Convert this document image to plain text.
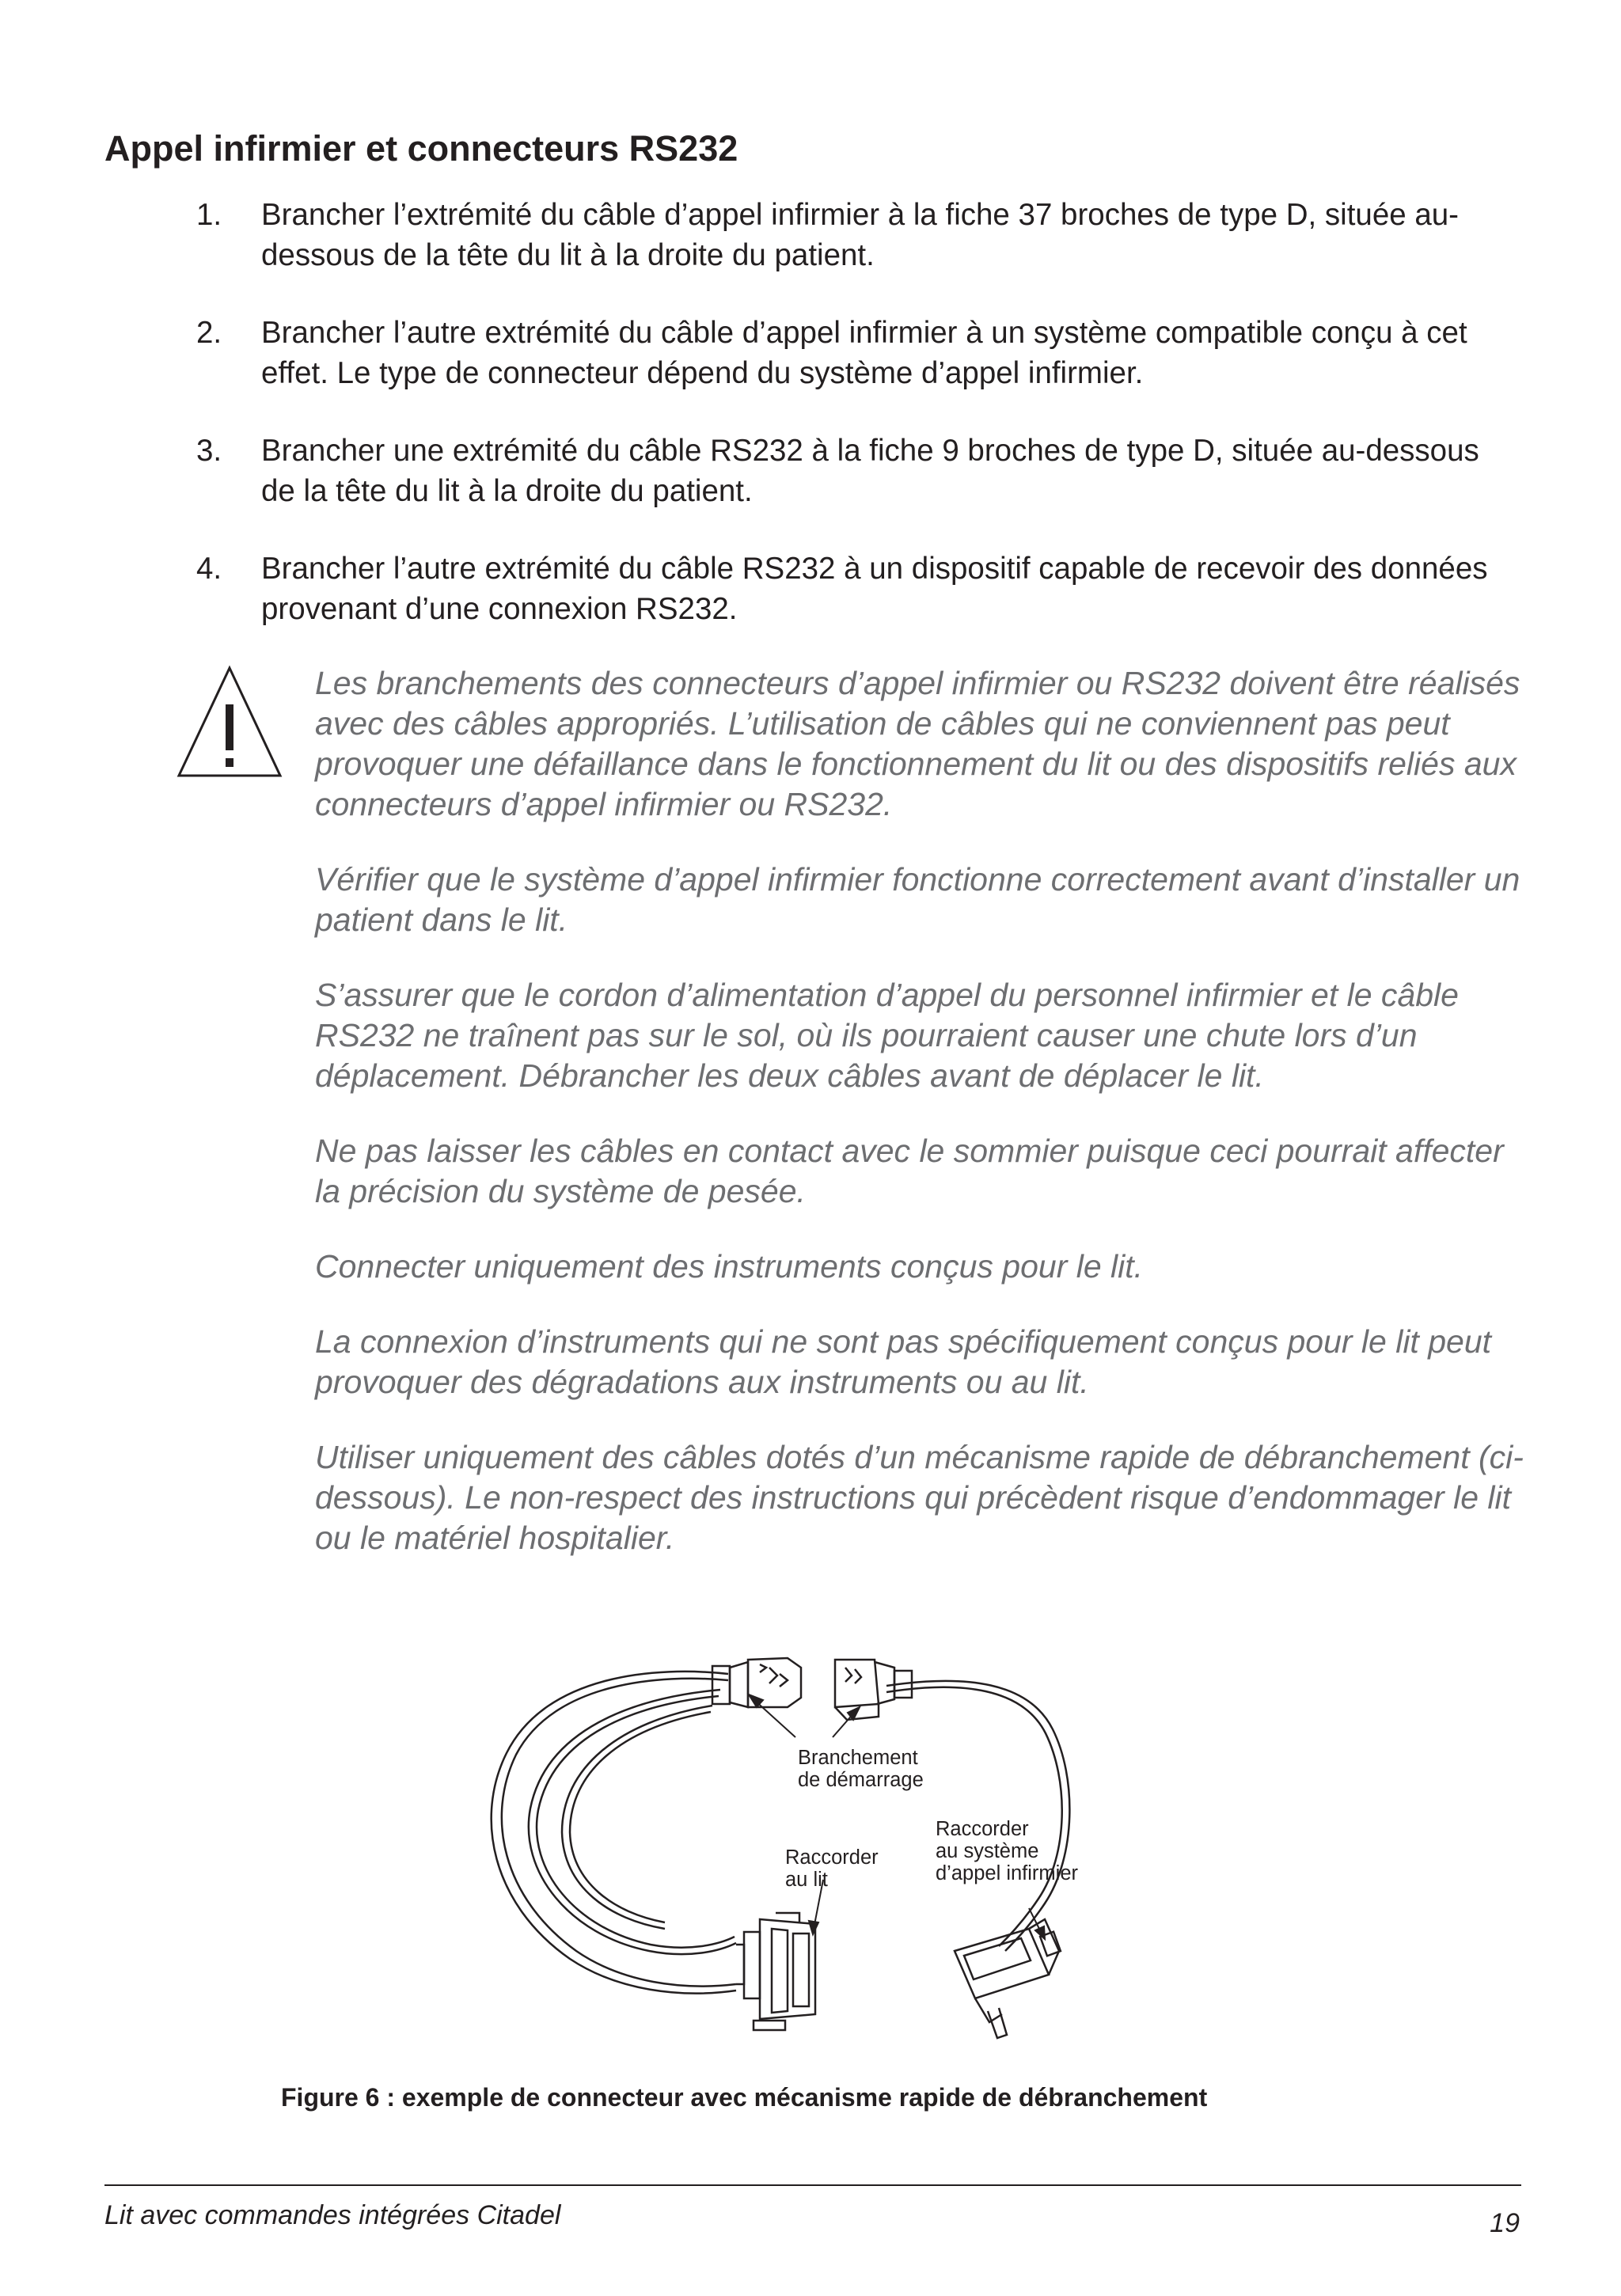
Appel infirmier et connecteurs RS232
1. Brancher l’extrémité du câble d’appel infirmier à la fiche 37 broches de type D, située au-dessous de la tête du lit à la droite du patient.
2. Brancher l’autre extrémité du câble d’appel infirmier à un système compatible conçu à cet effet. Le type de connecteur dépend du système d’appel infirmier.
3. Brancher une extrémité du câble RS232 à la fiche 9 broches de type D, située au-dessous de la tête du lit à la droite du patient.
4. Brancher l’autre extrémité du câble RS232 à un dispositif capable de recevoir des données provenant d’une connexion RS232.

Les branchements des connecteurs d’appel infirmier ou RS232 doivent être réalisés avec des câbles appropriés. L’utilisation de câbles qui ne conviennent pas peut provoquer une défaillance dans le fonctionnement du lit ou des dispositifs reliés aux connecteurs d’appel infirmier ou RS232.

Vérifier que le système d’appel infirmier fonctionne correctement avant d’installer un patient dans le lit.

S’assurer que le cordon d’alimentation d’appel du personnel infirmier et le câble RS232 ne traînent pas sur le sol, où ils pourraient causer une chute lors d’un déplacement. Débrancher les deux câbles avant de déplacer le lit.

Ne pas laisser les câbles en contact avec le sommier puisque ceci pourrait affecter la précision du système de pesée.

Connecter uniquement des instruments conçus pour le lit.

La connexion d’instruments qui ne sont pas spécifiquement conçus pour le lit peut provoquer des dégradations aux instruments ou au lit.

Utiliser uniquement des câbles dotés d’un mécanisme rapide de débranchement (ci-dessous). Le non-respect des instructions qui précèdent risque d’endommager le lit ou le matériel hospitalier.

Branchement
de démarrage
Raccorder
au lit
Raccorder
au système
d’appel infirmier

Figure 6 : exemple de connecteur avec mécanisme rapide de débranchement

Lit avec commandes intégrées Citadel	19
